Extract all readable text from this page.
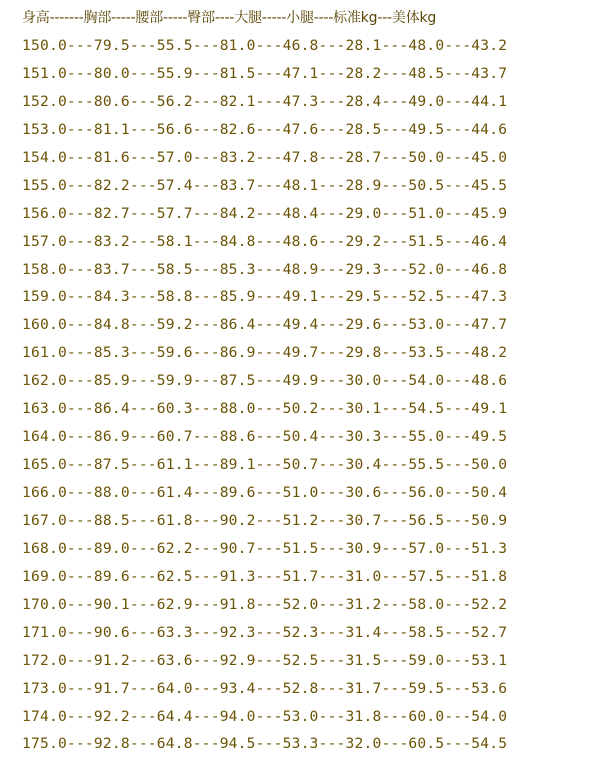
身高-------胸部-----腰部-----臀部----大腿-----小腿----标准kg---美体kg
150.0---79.5---55.5---81.0---46.8---28.1---48.0---43.2
151.0---80.0---55.9---81.5---47.1---28.2---48.5---43.7
152.0---80.6---56.2---82.1---47.3---28.4---49.0---44.1
153.0---81.1---56.6---82.6---47.6---28.5---49.5---44.6
154.0---81.6---57.0---83.2---47.8---28.7---50.0---45.0
155.0---82.2---57.4---83.7---48.1---28.9---50.5---45.5
156.0---82.7---57.7---84.2---48.4---29.0---51.0---45.9
157.0---83.2---58.1---84.8---48.6---29.2---51.5---46.4
158.0---83.7---58.5---85.3---48.9---29.3---52.0---46.8
159.0---84.3---58.8---85.9---49.1---29.5---52.5---47.3
160.0---84.8---59.2---86.4---49.4---29.6---53.0---47.7
161.0---85.3---59.6---86.9---49.7---29.8---53.5---48.2
162.0---85.9---59.9---87.5---49.9---30.0---54.0---48.6
163.0---86.4---60.3---88.0---50.2---30.1---54.5---49.1
164.0---86.9---60.7---88.6---50.4---30.3---55.0---49.5
165.0---87.5---61.1---89.1---50.7---30.4---55.5---50.0
166.0---88.0---61.4---89.6---51.0---30.6---56.0---50.4
167.0---88.5---61.8---90.2---51.2---30.7---56.5---50.9
168.0---89.0---62.2---90.7---51.5---30.9---57.0---51.3
169.0---89.6---62.5---91.3---51.7---31.0---57.5---51.8
170.0---90.1---62.9---91.8---52.0---31.2---58.0---52.2
171.0---90.6---63.3---92.3---52.3---31.4---58.5---52.7
172.0---91.2---63.6---92.9---52.5---31.5---59.0---53.1
173.0---91.7---64.0---93.4---52.8---31.7---59.5---53.6
174.0---92.2---64.4---94.0---53.0---31.8---60.0---54.0
175.0---92.8---64.8---94.5---53.3---32.0---60.5---54.5
